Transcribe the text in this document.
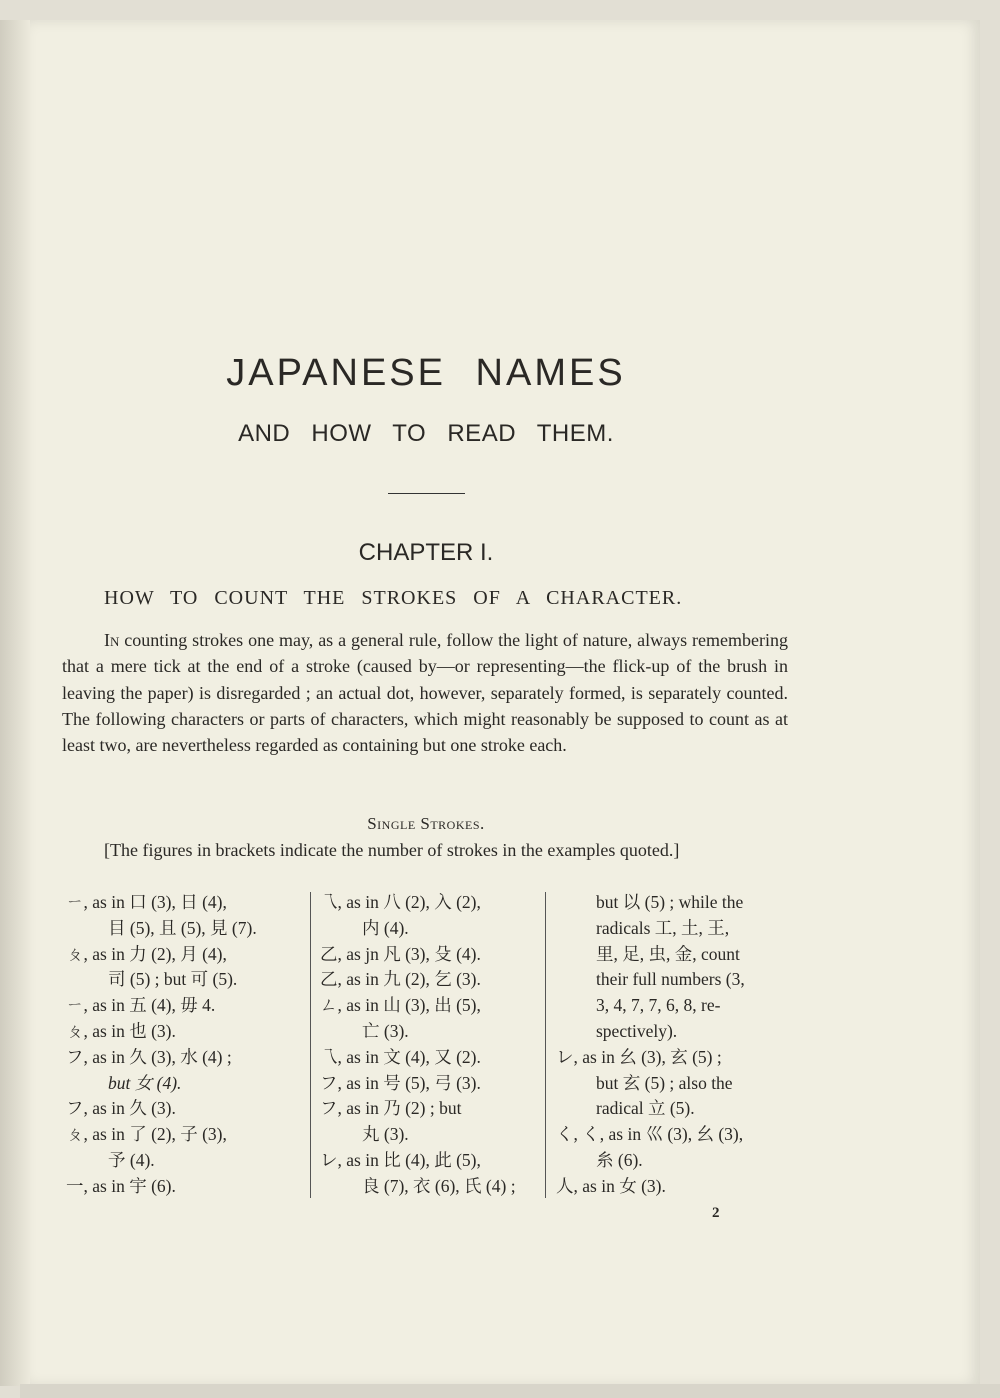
JAPANESE NAMES
AND HOW TO READ THEM.
CHAPTER I.
HOW TO COUNT THE STROKES OF A CHARACTER.
In counting strokes one may, as a general rule, follow the light of nature, always remembering that a mere tick at the end of a stroke (caused by—or representing—the flick-up of the brush in leaving the paper) is disregarded ; an actual dot, however, separately formed, is separately counted. The following characters or parts of characters, which might reasonably be supposed to count as at least two, are nevertheless regarded as containing but one stroke each.
Single Strokes.
[The figures in brackets indicate the number of strokes in the examples quoted.]

ㄧ, as in 口 (3), 日 (4),
目 (5), 且 (5), 見 (7).

ㄆ, as in 力 (2), 月 (4),
司 (5) ; but 可 (5).

ㄧ, as in 五 (4), 毋 4.

ㄆ, as in 也 (3).

フ, as in 久 (3), 水 (4) ;
but 女 (4).

フ, as in 久 (3).

ㄆ, as in 了 (2), 子 (3),
予 (4).

一, as in 宇 (6).

乁, as in 八 (2), 入 (2),
内 (4).

乙, as jn 凡 (3), 殳 (4).

乙, as in 九 (2), 乞 (3).

ㄥ, as in 山 (3), 出 (5),
亡 (3).

乁, as in 文 (4), 又 (2).

フ, as in 号 (5), 弓 (3).

フ, as in 乃 (2) ; but
丸 (3).

レ, as in 比 (4), 此 (5),
良 (7), 衣 (6), 氏 (4) ;

but 以 (5) ; while the
radicals 工, 土, 王,
里, 足, 虫, 金, count
their full numbers (3,
3, 4, 7, 7, 6, 8, re-
spectively).

レ, as in 幺 (3), 玄 (5) ;
but 玄 (5) ; also the
radical 立 (5).

く, く, as in 巛 (3), 幺 (3),
糸 (6).

人, as in 女 (3).

2
